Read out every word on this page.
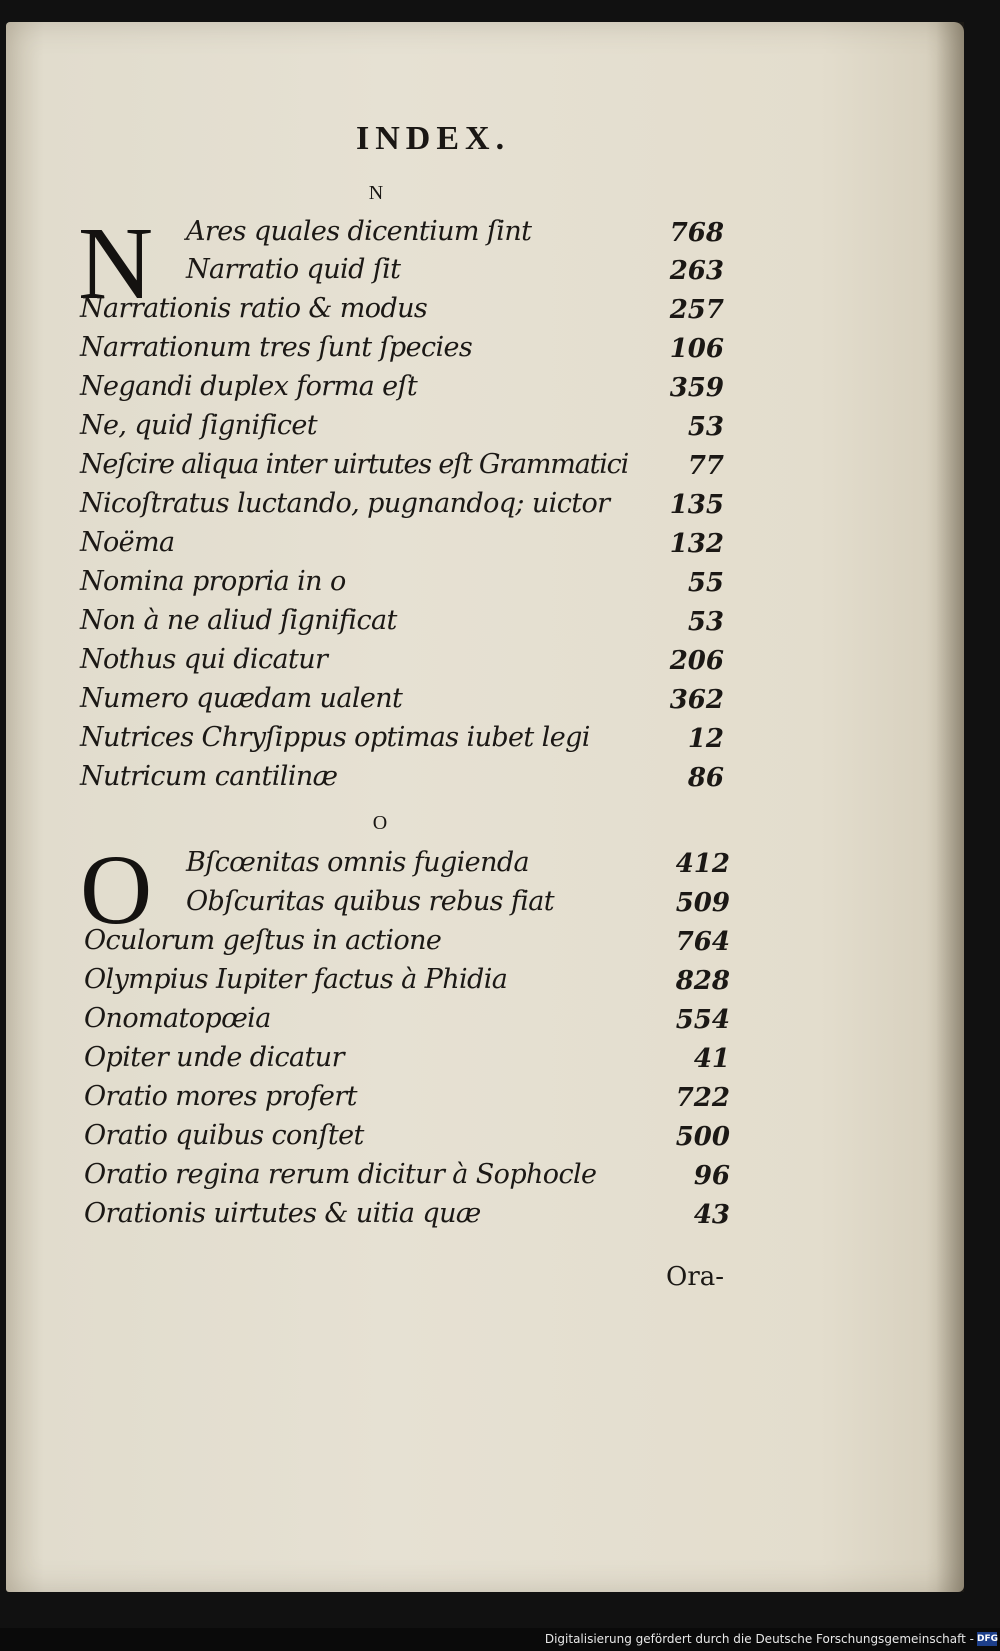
INDEX.
N
N Ares quales dicentium ſint	768
Narratio quid ſit	263
Narrationis ratio & modus	257
Narrationum tres ſunt ſpecies	106
Negandi duplex forma eſt	359
Ne, quid ſignificet	53
Neſcire aliqua inter uirtutes eſt Grammatici	77
Nicoſtratus luctando, pugnandoq; uictor	135
Noëma	132
Nomina propria in o	55
Non à ne aliud ſignificat	53
Nothus qui dicatur	206
Numero quædam ualent	362
Nutrices Chryſippus optimas iubet legi	12
Nutricum cantilinæ	86
O
O Bſcœnitas omnis fugienda	412
Obſcuritas quibus rebus fiat	509
Oculorum geſtus in actione	764
Olympius Iupiter factus à Phidia	828
Onomatopœia	554
Opiter unde dicatur	41
Oratio mores profert	722
Oratio quibus conſtet	500
Oratio regina rerum dicitur à Sophocle	96
Orationis uirtutes & uitia quæ	43
Ora-
Digitalisierung gefördert durch die Deutsche Forschungsgemeinschaft - DFG
